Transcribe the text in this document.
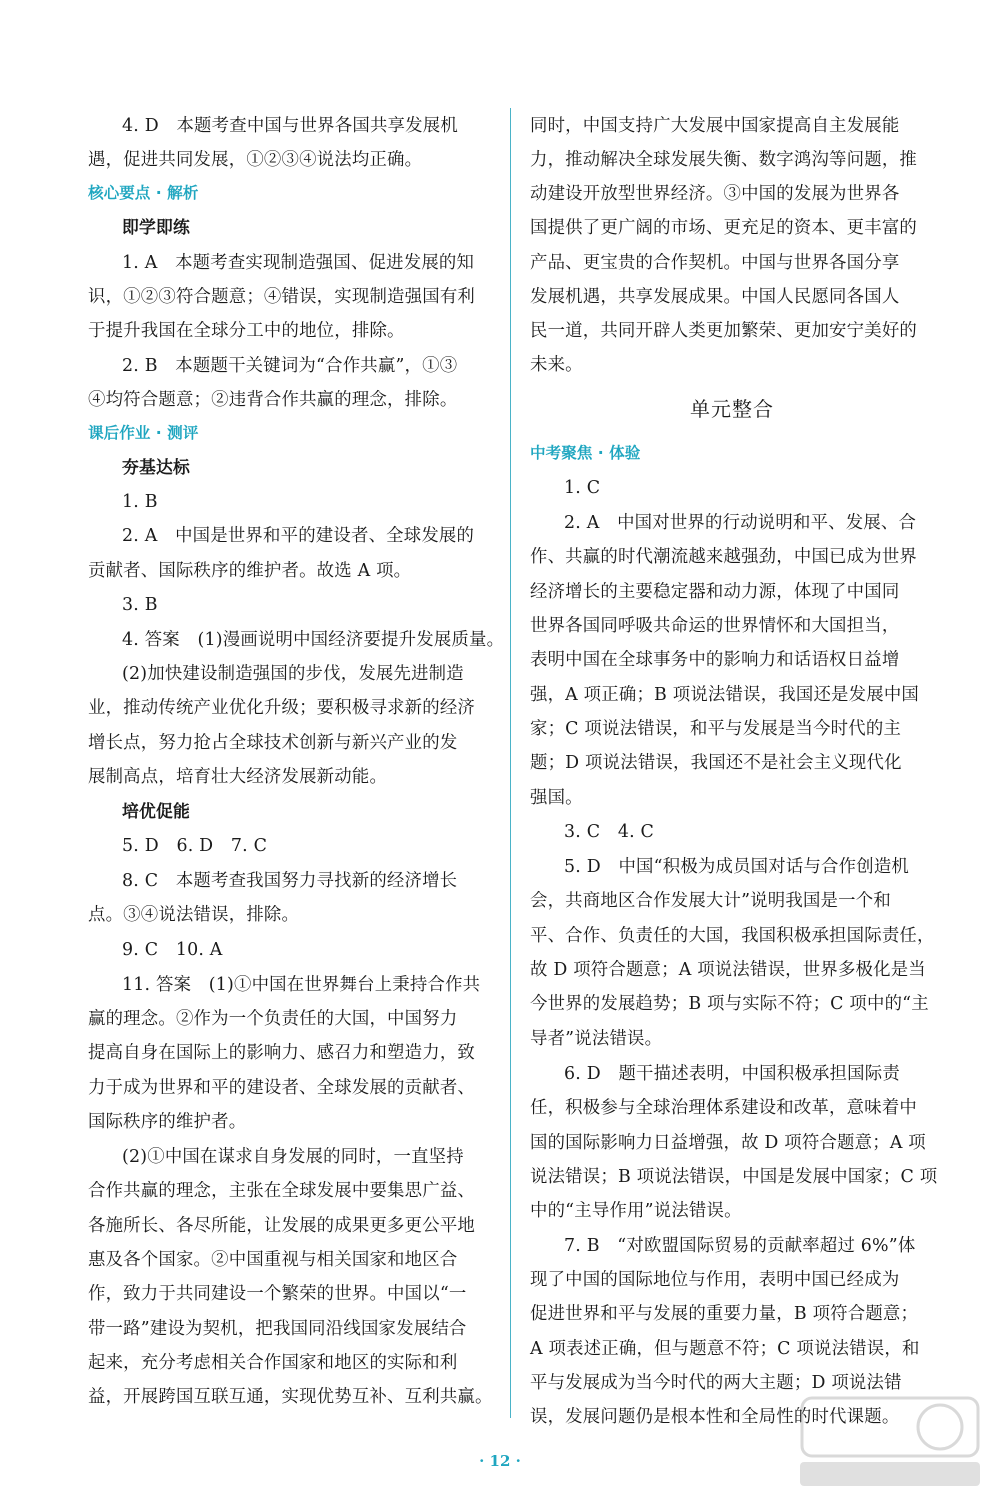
4. D　本题考查中国与世界各国共享发展机
遇，促进共同发展，①②③④说法均正确。
核心要点 · 解析
即学即练
1. A　本题考查实现制造强国、促进发展的知
识，①②③符合题意；④错误，实现制造强国有利
于提升我国在全球分工中的地位，排除。
2. B　本题题干关键词为“合作共赢”，①③
④均符合题意；②违背合作共赢的理念，排除。
课后作业 · 测评
夯基达标
1. B
2. A　中国是世界和平的建设者、全球发展的
贡献者、国际秩序的维护者。故选 A 项。
3. B
4. 答案　(1)漫画说明中国经济要提升发展质量。
(2)加快建设制造强国的步伐，发展先进制造
业，推动传统产业优化升级；要积极寻求新的经济
增长点，努力抢占全球技术创新与新兴产业的发
展制高点，培育壮大经济发展新动能。
培优促能
5. D　6. D　7. C
8. C　本题考查我国努力寻找新的经济增长
点。③④说法错误，排除。
9. C　10. A
11. 答案　(1)①中国在世界舞台上秉持合作共
赢的理念。②作为一个负责任的大国，中国努力
提高自身在国际上的影响力、感召力和塑造力，致
力于成为世界和平的建设者、全球发展的贡献者、
国际秩序的维护者。
(2)①中国在谋求自身发展的同时，一直坚持
合作共赢的理念，主张在全球发展中要集思广益、
各施所长、各尽所能，让发展的成果更多更公平地
惠及各个国家。②中国重视与相关国家和地区合
作，致力于共同建设一个繁荣的世界。中国以“一
带一路”建设为契机，把我国同沿线国家发展结合
起来，充分考虑相关合作国家和地区的实际和利
益，开展跨国互联互通，实现优势互补、互利共赢。
同时，中国支持广大发展中国家提高自主发展能
力，推动解决全球发展失衡、数字鸿沟等问题，推
动建设开放型世界经济。③中国的发展为世界各
国提供了更广阔的市场、更充足的资本、更丰富的
产品、更宝贵的合作契机。中国与世界各国分享
发展机遇，共享发展成果。中国人民愿同各国人
民一道，共同开辟人类更加繁荣、更加安宁美好的
未来。
单元整合
中考聚焦 · 体验
1. C
2. A　中国对世界的行动说明和平、发展、合
作、共赢的时代潮流越来越强劲，中国已成为世界
经济增长的主要稳定器和动力源，体现了中国同
世界各国同呼吸共命运的世界情怀和大国担当，
表明中国在全球事务中的影响力和话语权日益增
强，A 项正确；B 项说法错误，我国还是发展中国
家；C 项说法错误，和平与发展是当今时代的主
题；D 项说法错误，我国还不是社会主义现代化
强国。
3. C　4. C
5. D　中国“积极为成员国对话与合作创造机
会，共商地区合作发展大计”说明我国是一个和
平、合作、负责任的大国，我国积极承担国际责任，
故 D 项符合题意；A 项说法错误，世界多极化是当
今世界的发展趋势；B 项与实际不符；C 项中的“主
导者”说法错误。
6. D　题干描述表明，中国积极承担国际责
任，积极参与全球治理体系建设和改革，意味着中
国的国际影响力日益增强，故 D 项符合题意；A 项
说法错误；B 项说法错误，中国是发展中国家；C 项
中的“主导作用”说法错误。
7. B　“对欧盟国际贸易的贡献率超过 6%”体
现了中国的国际地位与作用，表明中国已经成为
促进世界和平与发展的重要力量，B 项符合题意；
A 项表述正确，但与题意不符；C 项说法错误，和
平与发展成为当今时代的两大主题；D 项说法错
误，发展问题仍是根本性和全局性的时代课题。
· 12 ·
